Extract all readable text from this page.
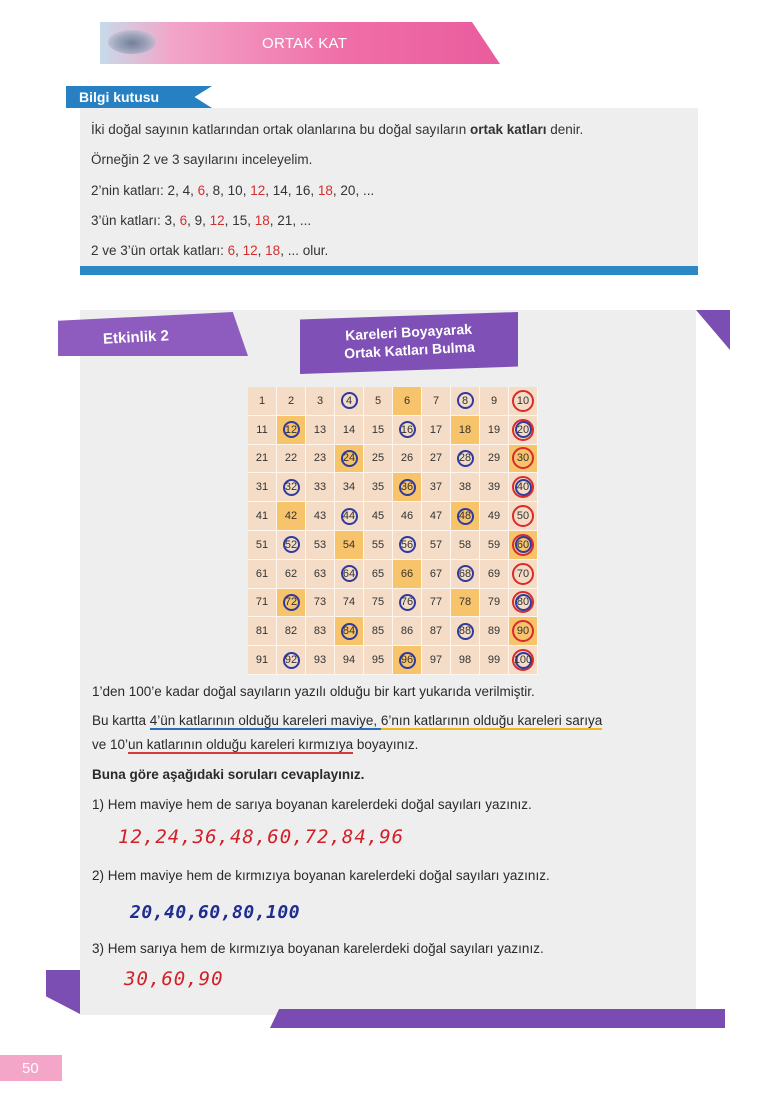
ORTAK KAT
Bilgi kutusu
İki doğal sayının katlarından ortak olanlarına bu doğal sayıların ortak katları denir.
Örneğin 2 ve 3 sayılarını inceleyelim.
2’nin katları: 2, 4, 6, 8, 10, 12, 14, 16, 18, 20, ...
3’ün katları: 3, 6, 9, 12, 15, 18, 21, ...
2 ve 3’ün ortak katları: 6, 12, 18, ... olur.
Etkinlik 2	Kareleri Boyayarak
Ortak Katları Bulma
1 2 3 4 5 6 7 8 9 10
11 12 13 14 15 16 17 18 19 20
21 22 23 24 25 26 27 28 29 30
31 32 33 34 35 36 37 38 39 40
41 42 43 44 45 46 47 48 49 50
51 52 53 54 55 56 57 58 59 60
61 62 63 64 65 66 67 68 69 70
71 72 73 74 75 76 77 78 79 80
81 82 83 84 85 86 87 88 89 90
91 92 93 94 95 96 97 98 99 100
1’den 100’e kadar doğal sayıların yazılı olduğu bir kart yukarıda verilmiştir.
Bu kartta 4’ün katlarının olduğu kareleri maviye, 6’nın katlarının olduğu kareleri sarıya
ve 10’un katlarının olduğu kareleri kırmızıya boyayınız.
Buna göre aşağıdaki soruları cevaplayınız.
1) Hem maviye hem de sarıya boyanan karelerdeki doğal sayıları yazınız.
12,24,36,48,60,72,84,96
2) Hem maviye hem de kırmızıya boyanan karelerdeki doğal sayıları yazınız.
20,40,60,80,100
3) Hem sarıya hem de kırmızıya boyanan karelerdeki doğal sayıları yazınız.
30,60,90
50
